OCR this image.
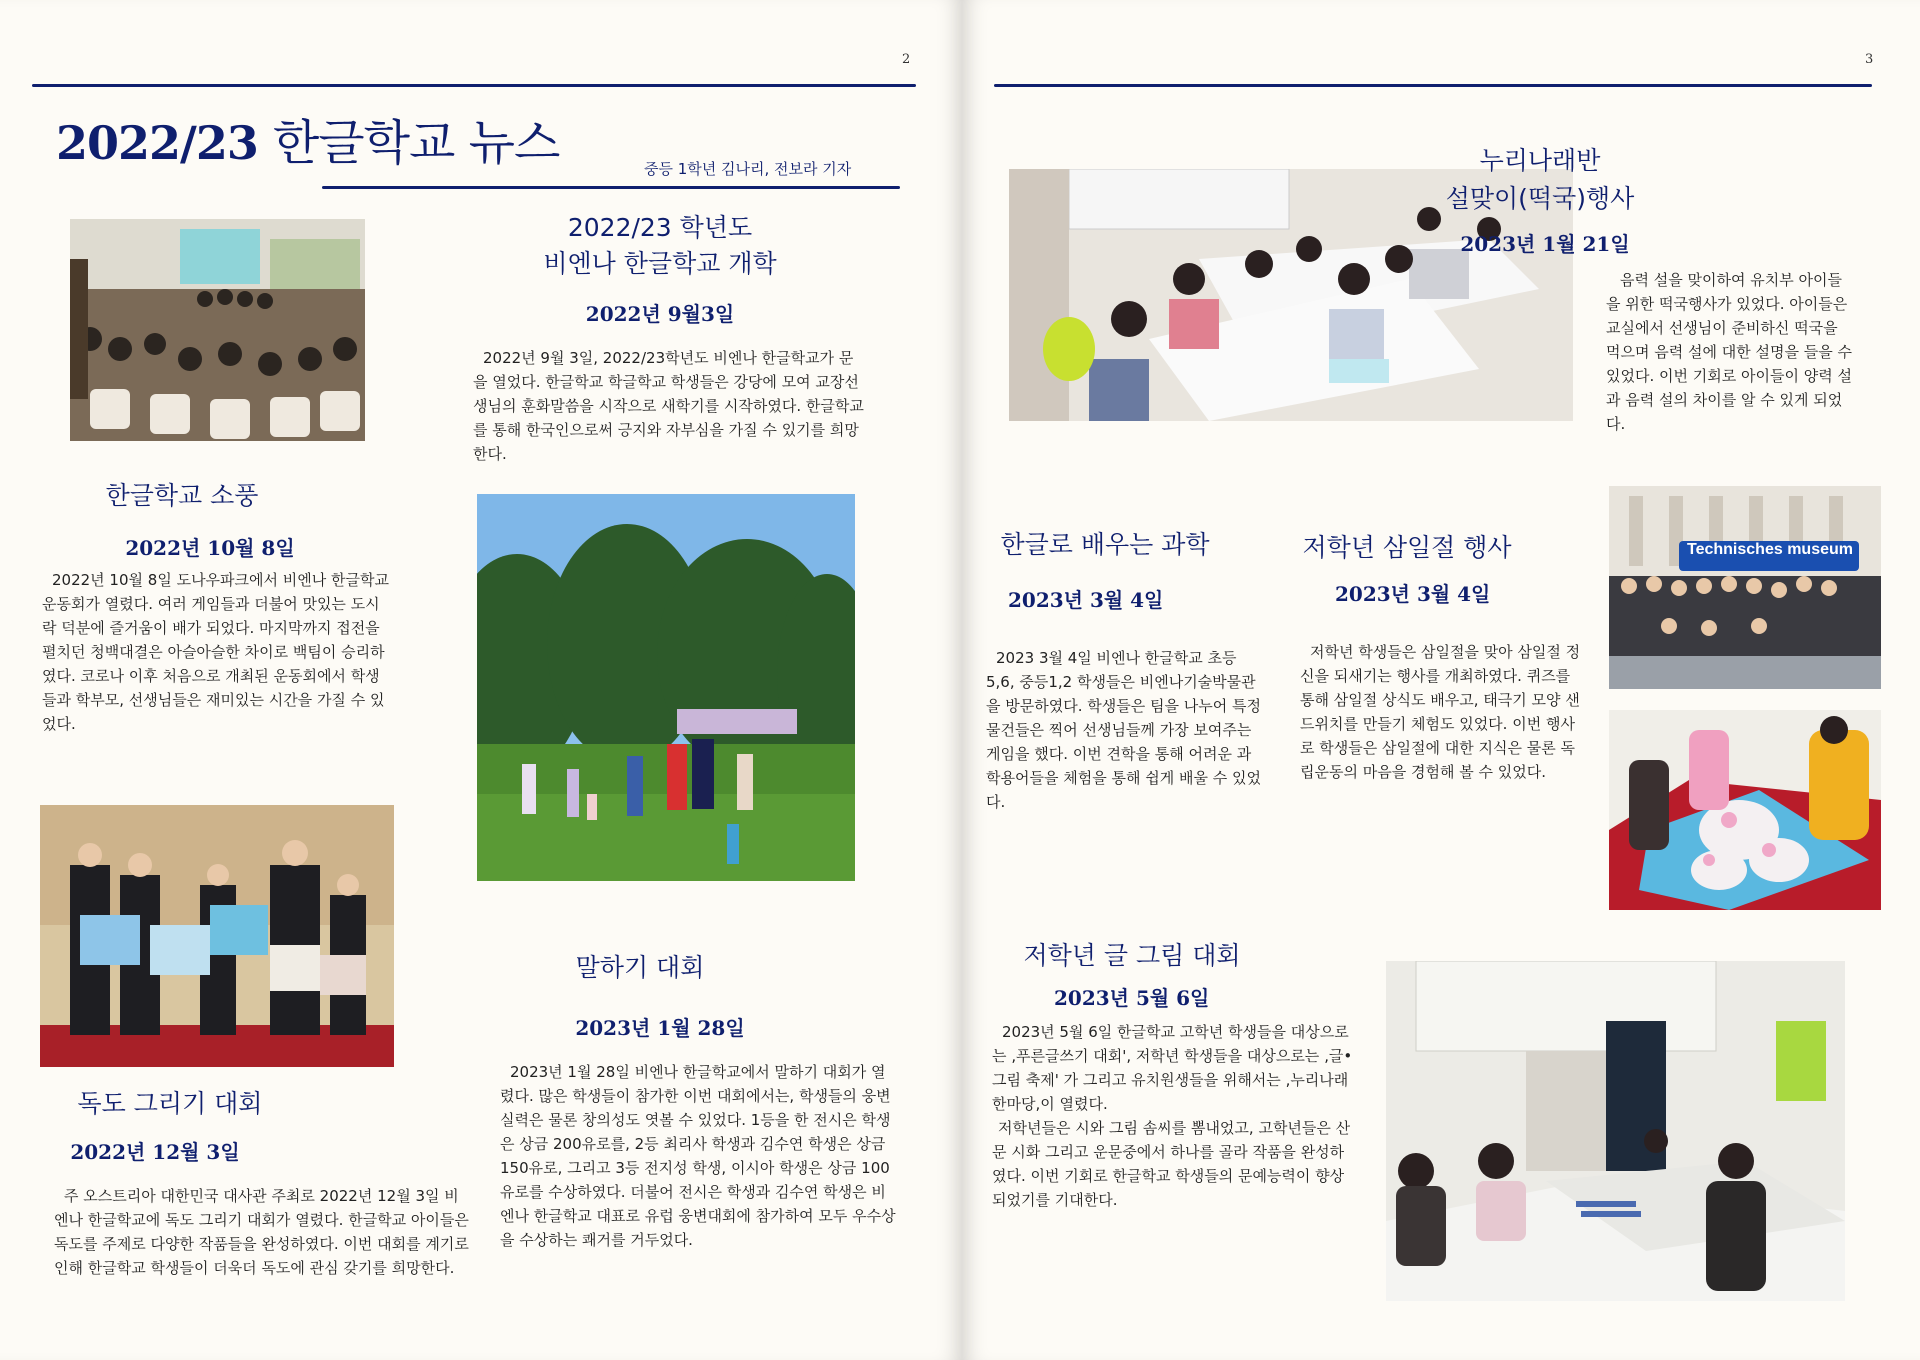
2
2022/23 한글학교 뉴스	중등 1학년 김나리, 전보라 기자
2022/23 학년도
비엔나 한글학교 개학
2022년 9월3일
2022년 9월 3일, 2022/23학년도 비엔나 한글학교가 문을 열었다. 한글학교 학글학교 학생들은 강당에 모여 교장선생님의 훈화말씀을 시작으로 새학기를 시작하였다. 한글학교를 통해 한국인으로써 긍지와 자부심을 가질 수 있기를 희망한다.
한글학교 소풍
2022년 10월 8일
2022년 10월 8일 도나우파크에서 비엔나 한글학교 운동회가 열렸다. 여러 게임들과 더불어 맛있는 도시락 덕분에 즐거움이 배가 되었다. 마지막까지 접전을 펼치던 청백대결은 아슬아슬한 차이로 백팀이 승리하였다. 코로나 이후 처음으로 개최된 운동회에서 학생들과 학부모, 선생님들은 재미있는 시간을 가질 수 있었다.
독도 그리기 대회
2022년 12월 3일
주 오스트리아 대한민국 대사관 주최로 2022년 12월 3일 비엔나 한글학교에 독도 그리기 대회가 열렸다. 한글학교 아이들은 독도를 주제로 다양한 작품들을 완성하였다. 이번 대회를 계기로 인해 한글학교 학생들이 더욱더 독도에 관심 갖기를 희망한다.
말하기 대회
2023년 1월 28일
2023년 1월 28일 비엔나 한글학교에서 말하기 대회가 열렸다. 많은 학생들이 참가한 이번 대회에서는, 학생들의 웅변실력은 물론 창의성도 엿볼 수 있었다. 1등을 한 전시은 학생은 상금 200유로를, 2등 최리사 학생과 김수연 학생은 상금 150유로, 그리고 3등 전지성 학생, 이시아 학생은 상금 100유로를 수상하였다. 더불어 전시은 학생과 김수연 학생은 비엔나 한글학교 대표로 유럽 웅변대회에 참가하여 모두 우수상을 수상하는 쾌거를 거두었다.
3
누리나래반
설맞이(떡국)행사
2023년 1월 21일
음력 설을 맞이하여 유치부 아이들을 위한 떡국행사가 있었다. 아이들은 교실에서 선생님이 준비하신 떡국을 먹으며 음력 설에 대한 설명을 들을 수 있었다. 이번 기회로 아이들이 양력 설과 음력 설의 차이를 알 수 있게 되었다.
한글로 배우는 과학
2023년 3월 4일
2023 3월 4일 비엔나 한글학교 초등 5,6, 중등1,2 학생들은 비엔나기술박물관을 방문하였다. 학생들은 팀을 나누어 특정 물건들은 찍어 선생님들께 가장 보여주는 게임을 했다. 이번 견학을 통해 어려운 과학용어들을 체험을 통해 쉽게 배울 수 있었다.
저학년 삼일절 행사
2023년 3월 4일
저학년 학생들은 삼일절을 맞아 삼일절 정신을 되새기는 행사를 개최하였다. 퀴즈를 통해 삼일절 상식도 배우고, 태극기 모양 샌드위치를 만들기 체험도 있었다. 이번 행사로 학생들은 삼일절에 대한 지식은 물론 독립운동의 마음을 경험해 볼 수 있었다.
Technisches museum
저학년 글 그림 대회
2023년 5월 6일
2023년 5월 6일 한글학교 고학년 학생들을 대상으로는 ‚푸른글쓰기 대회', 저학년 학생들을 대상으로는 ‚글•그림 축제' 가 그리고 유치원생들을 위해서는 ‚누리나래 한마당,이 열렸다.
저학년들은 시와 그림 솜씨를 뽐내었고, 고학년들은 산문 시화 그리고 운문중에서 하나를 골라 작품을 완성하였다. 이번 기회로 한글학교 학생들의 문예능력이 향상 되었기를 기대한다.
